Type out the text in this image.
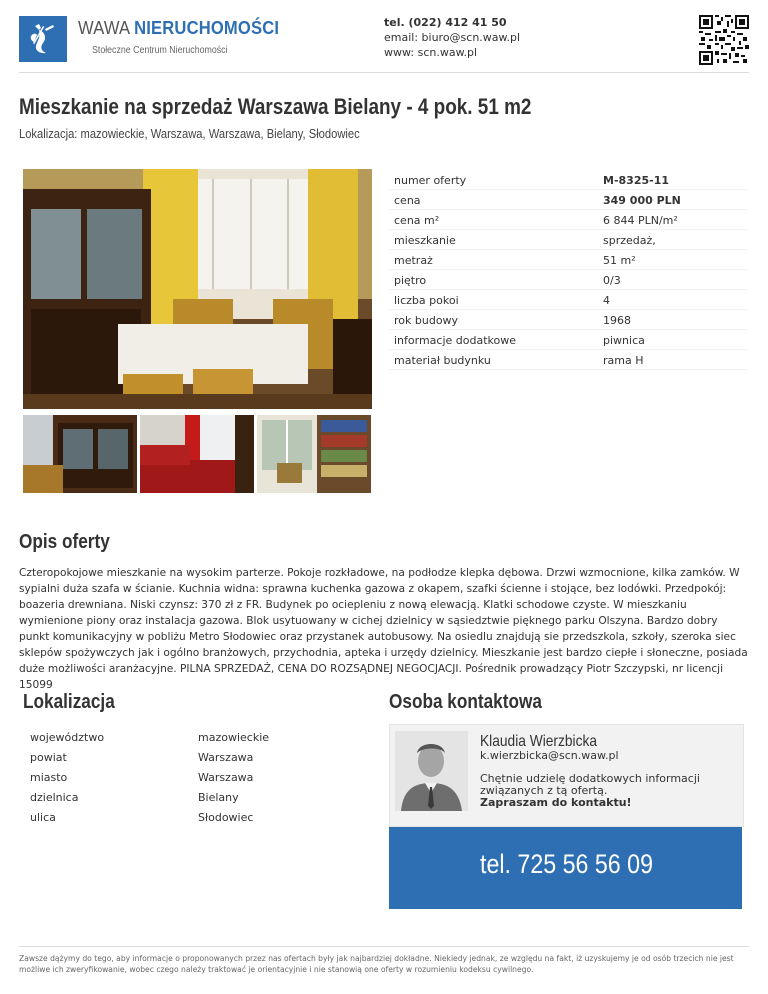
WAWA NIERUCHOMOŚCI
Stołeczne Centrum Nieruchomości
tel. (022) 412 41 50
email: biuro@scn.waw.pl
www: scn.waw.pl
Mieszkanie na sprzedaż Warszawa Bielany - 4 pok. 51 m2
Lokalizacja: mazowieckie, Warszawa, Warszawa, Bielany, Słodowiec
numer oferty	M-8325-11
cena	349 000 PLN
cena m²	6 844 PLN/m²
mieszkanie	sprzedaż,
metraż	51 m²
piętro	0/3
liczba pokoi	4
rok budowy	1968
informacje dodatkowe	piwnica
materiał budynku	rama H
Opis oferty

Czteropokojowe mieszkanie na wysokim parterze. Pokoje rozkładowe, na podłodze klepka dębowa. Drzwi wzmocnione, kilka zamków. W sypialni duża szafa w ścianie. Kuchnia widna: sprawna kuchenka gazowa z okapem, szafki ścienne i stojące, bez lodówki. Przedpokój: boazeria drewniana. Niski czynsz: 370 zł z FR. Budynek po ociepleniu z nową elewacją. Klatki schodowe czyste. W mieszkaniu wymienione piony oraz instalacja gazowa. Blok usytuowany w cichej dzielnicy w sąsiedztwie pięknego parku Olszyna. Bardzo dobry punkt komunikacyjny w pobliżu Metro Słodowiec oraz przystanek autobusowy. Na osiedlu znajdują sie przedszkola, szkoły, szeroka siec sklepów spożywczych jak i ogólno branżowych, przychodnia, apteka i urzędy dzielnicy. Mieszkanie jest bardzo ciepłe i słoneczne, posiada duże możliwości aranżacyjne. PILNA SPRZEDAŻ, CENA DO ROZSĄDNEJ NEGOCJACJI. Pośrednik prowadzący Piotr Szczypski, nr licencji 15099

Lokalizacja
województwo	mazowieckie
powiat	Warszawa
miasto	Warszawa
dzielnica	Bielany
ulica	Słodowiec
Osoba kontaktowa
Klaudia Wierzbicka
k.wierzbicka@scn.waw.pl
Chętnie udzielę dodatkowych informacji związanych z tą ofertą.
Zapraszam do kontaktu!
tel. 725 56 56 09
Zawsze dążymy do tego, aby informacje o proponowanych przez nas ofertach były jak najbardziej dokładne. Niekiedy jednak, ze względu na fakt, iż uzyskujemy je od osób trzecich nie jest możliwe ich zweryfikowanie, wobec czego należy traktować je orientacyjnie i nie stanowią one oferty w rozumieniu kodeksu cywilnego.
